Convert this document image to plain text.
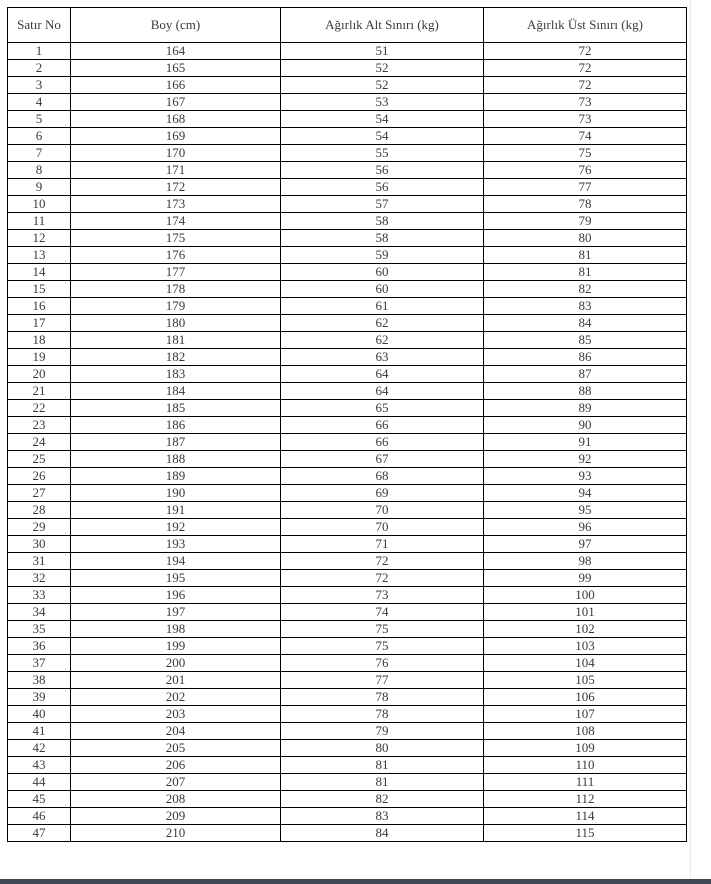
Satır No	Boy (cm)	Ağırlık Alt Sınırı (kg)	Ağırlık Üst Sınırı (kg)
1	164	51	72
2	165	52	72
3	166	52	72
4	167	53	73
5	168	54	73
6	169	54	74
7	170	55	75
8	171	56	76
9	172	56	77
10	173	57	78
11	174	58	79
12	175	58	80
13	176	59	81
14	177	60	81
15	178	60	82
16	179	61	83
17	180	62	84
18	181	62	85
19	182	63	86
20	183	64	87
21	184	64	88
22	185	65	89
23	186	66	90
24	187	66	91
25	188	67	92
26	189	68	93
27	190	69	94
28	191	70	95
29	192	70	96
30	193	71	97
31	194	72	98
32	195	72	99
33	196	73	100
34	197	74	101
35	198	75	102
36	199	75	103
37	200	76	104
38	201	77	105
39	202	78	106
40	203	78	107
41	204	79	108
42	205	80	109
43	206	81	110
44	207	81	111
45	208	82	112
46	209	83	114
47	210	84	115
